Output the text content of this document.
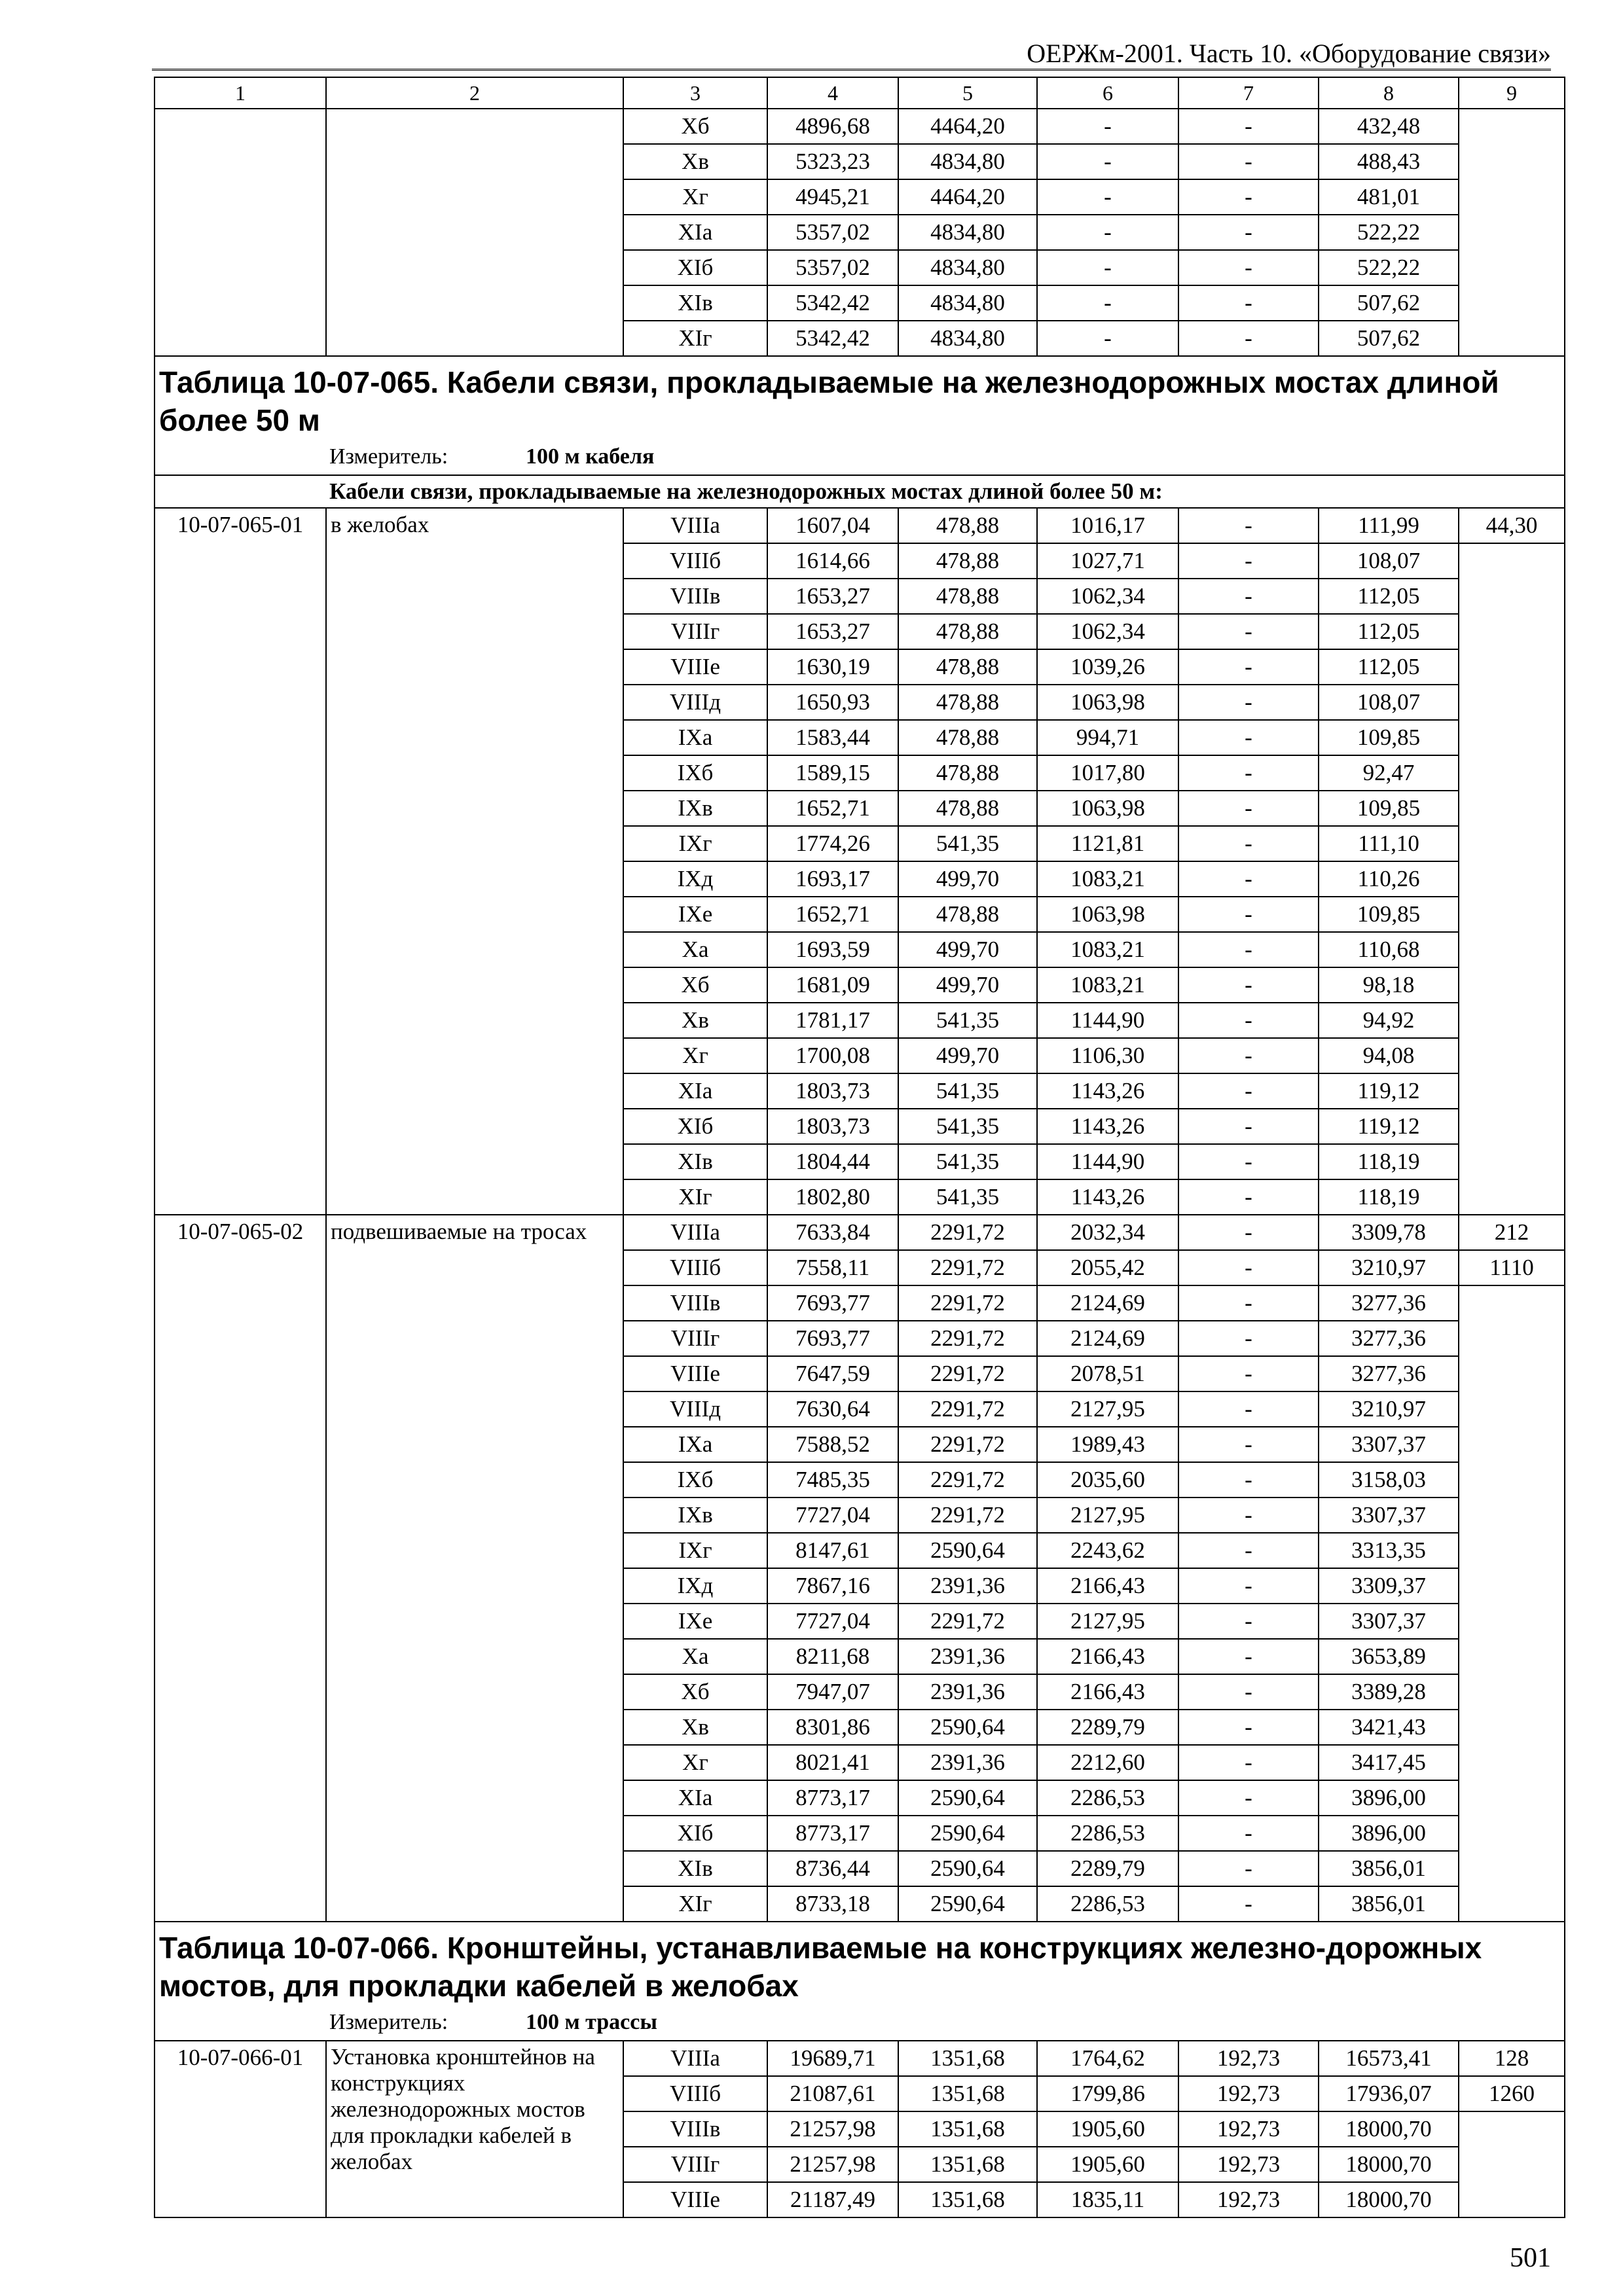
ОЕРЖм-2001. Часть 10. «Оборудование связи»
1	2	3	4	5	6	7	8	9
		Xб	4896,68	4464,20	-	-	432,48	
		Xв	5323,23	4834,80	-	-	488,43	
		Xг	4945,21	4464,20	-	-	481,01	
		XIа	5357,02	4834,80	-	-	522,22	
		XIб	5357,02	4834,80	-	-	522,22	
		XIв	5342,42	4834,80	-	-	507,62	
		XIг	5342,42	4834,80	-	-	507,62	

Таблица 10-07-065. Кабели связи, прокладываемые на железнодорожных мостах длиной более 50 м
Измеритель: 100 м кабеля								

Кабели связи, прокладываемые на железнодорожных мостах длиной более 50 м:								
10-07-065-01	в желобах	VIIIа	1607,04	478,88	1016,17	-	111,99	44,30
		VIIIб	1614,66	478,88	1027,71	-	108,07	
		VIIIв	1653,27	478,88	1062,34	-	112,05	
		VIIIг	1653,27	478,88	1062,34	-	112,05	
		VIIIе	1630,19	478,88	1039,26	-	112,05	
		VIIIд	1650,93	478,88	1063,98	-	108,07	
		IXа	1583,44	478,88	994,71	-	109,85	
		IXб	1589,15	478,88	1017,80	-	92,47	
		IXв	1652,71	478,88	1063,98	-	109,85	
		IXг	1774,26	541,35	1121,81	-	111,10	
		IXд	1693,17	499,70	1083,21	-	110,26	
		IXе	1652,71	478,88	1063,98	-	109,85	
		Xа	1693,59	499,70	1083,21	-	110,68	
		Xб	1681,09	499,70	1083,21	-	98,18	
		Xв	1781,17	541,35	1144,90	-	94,92	
		Xг	1700,08	499,70	1106,30	-	94,08	
		XIа	1803,73	541,35	1143,26	-	119,12	
		XIб	1803,73	541,35	1143,26	-	119,12	
		XIв	1804,44	541,35	1144,90	-	118,19	
		XIг	1802,80	541,35	1143,26	-	118,19	
10-07-065-02	подвешиваемые на тросах	VIIIа	7633,84	2291,72	2032,34	-	3309,78	212
		VIIIб	7558,11	2291,72	2055,42	-	3210,97	1110
		VIIIв	7693,77	2291,72	2124,69	-	3277,36	
		VIIIг	7693,77	2291,72	2124,69	-	3277,36	
		VIIIе	7647,59	2291,72	2078,51	-	3277,36	
		VIIIд	7630,64	2291,72	2127,95	-	3210,97	
		IXа	7588,52	2291,72	1989,43	-	3307,37	
		IXб	7485,35	2291,72	2035,60	-	3158,03	
		IXв	7727,04	2291,72	2127,95	-	3307,37	
		IXг	8147,61	2590,64	2243,62	-	3313,35	
		IXд	7867,16	2391,36	2166,43	-	3309,37	
		IXе	7727,04	2291,72	2127,95	-	3307,37	
		Xа	8211,68	2391,36	2166,43	-	3653,89	
		Xб	7947,07	2391,36	2166,43	-	3389,28	
		Xв	8301,86	2590,64	2289,79	-	3421,43	
		Xг	8021,41	2391,36	2212,60	-	3417,45	
		XIа	8773,17	2590,64	2286,53	-	3896,00	
		XIб	8773,17	2590,64	2286,53	-	3896,00	
		XIв	8736,44	2590,64	2289,79	-	3856,01	
		XIг	8733,18	2590,64	2286,53	-	3856,01	

Таблица 10-07-066. Кронштейны, устанавливаемые на конструкциях железно-дорожных мостов, для прокладки кабелей в желобах
Измеритель: 100 м трассы								

10-07-066-01	Установка кронштейнов на конструкциях железнодорожных мостов для прокладки кабелей в желобах	VIIIа	19689,71	1351,68	1764,62	192,73	16573,41	128
		VIIIб	21087,61	1351,68	1799,86	192,73	17936,07	1260
		VIIIв	21257,98	1351,68	1905,60	192,73	18000,70	
		VIIIг	21257,98	1351,68	1905,60	192,73	18000,70	
		VIIIе	21187,49	1351,68	1835,11	192,73	18000,70	
501
